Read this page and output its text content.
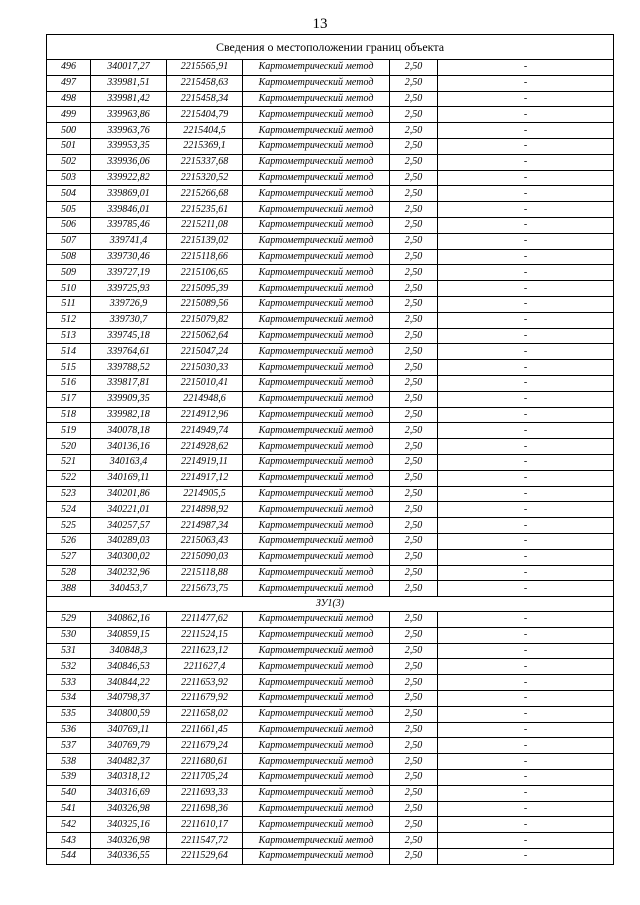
13
Сведения о местоположении границ объекта					
496	340017,27	2215565,91	Картометрический метод	2,50	-
497	339981,51	2215458,63	Картометрический метод	2,50	-
498	339981,42	2215458,34	Картометрический метод	2,50	-
499	339963,86	2215404,79	Картометрический метод	2,50	-
500	339963,76	2215404,5	Картометрический метод	2,50	-
501	339953,35	2215369,1	Картометрический метод	2,50	-
502	339936,06	2215337,68	Картометрический метод	2,50	-
503	339922,82	2215320,52	Картометрический метод	2,50	-
504	339869,01	2215266,68	Картометрический метод	2,50	-
505	339846,01	2215235,61	Картометрический метод	2,50	-
506	339785,46	2215211,08	Картометрический метод	2,50	-
507	339741,4	2215139,02	Картометрический метод	2,50	-
508	339730,46	2215118,66	Картометрический метод	2,50	-
509	339727,19	2215106,65	Картометрический метод	2,50	-
510	339725,93	2215095,39	Картометрический метод	2,50	-
511	339726,9	2215089,56	Картометрический метод	2,50	-
512	339730,7	2215079,82	Картометрический метод	2,50	-
513	339745,18	2215062,64	Картометрический метод	2,50	-
514	339764,61	2215047,24	Картометрический метод	2,50	-
515	339788,52	2215030,33	Картометрический метод	2,50	-
516	339817,81	2215010,41	Картометрический метод	2,50	-
517	339909,35	2214948,6	Картометрический метод	2,50	-
518	339982,18	2214912,96	Картометрический метод	2,50	-
519	340078,18	2214949,74	Картометрический метод	2,50	-
520	340136,16	2214928,62	Картометрический метод	2,50	-
521	340163,4	2214919,11	Картометрический метод	2,50	-
522	340169,11	2214917,12	Картометрический метод	2,50	-
523	340201,86	2214905,5	Картометрический метод	2,50	-
524	340221,01	2214898,92	Картометрический метод	2,50	-
525	340257,57	2214987,34	Картометрический метод	2,50	-
526	340289,03	2215063,43	Картометрический метод	2,50	-
527	340300,02	2215090,03	Картометрический метод	2,50	-
528	340232,96	2215118,88	Картометрический метод	2,50	-
388	340453,7	2215673,75	Картометрический метод	2,50	-
ЗУ1(3)					
529	340862,16	2211477,62	Картометрический метод	2,50	-
530	340859,15	2211524,15	Картометрический метод	2,50	-
531	340848,3	2211623,12	Картометрический метод	2,50	-
532	340846,53	2211627,4	Картометрический метод	2,50	-
533	340844,22	2211653,92	Картометрический метод	2,50	-
534	340798,37	2211679,92	Картометрический метод	2,50	-
535	340800,59	2211658,02	Картометрический метод	2,50	-
536	340769,11	2211661,45	Картометрический метод	2,50	-
537	340769,79	2211679,24	Картометрический метод	2,50	-
538	340482,37	2211680,61	Картометрический метод	2,50	-
539	340318,12	2211705,24	Картометрический метод	2,50	-
540	340316,69	2211693,33	Картометрический метод	2,50	-
541	340326,98	2211698,36	Картометрический метод	2,50	-
542	340325,16	2211610,17	Картометрический метод	2,50	-
543	340326,98	2211547,72	Картометрический метод	2,50	-
544	340336,55	2211529,64	Картометрический метод	2,50	-
